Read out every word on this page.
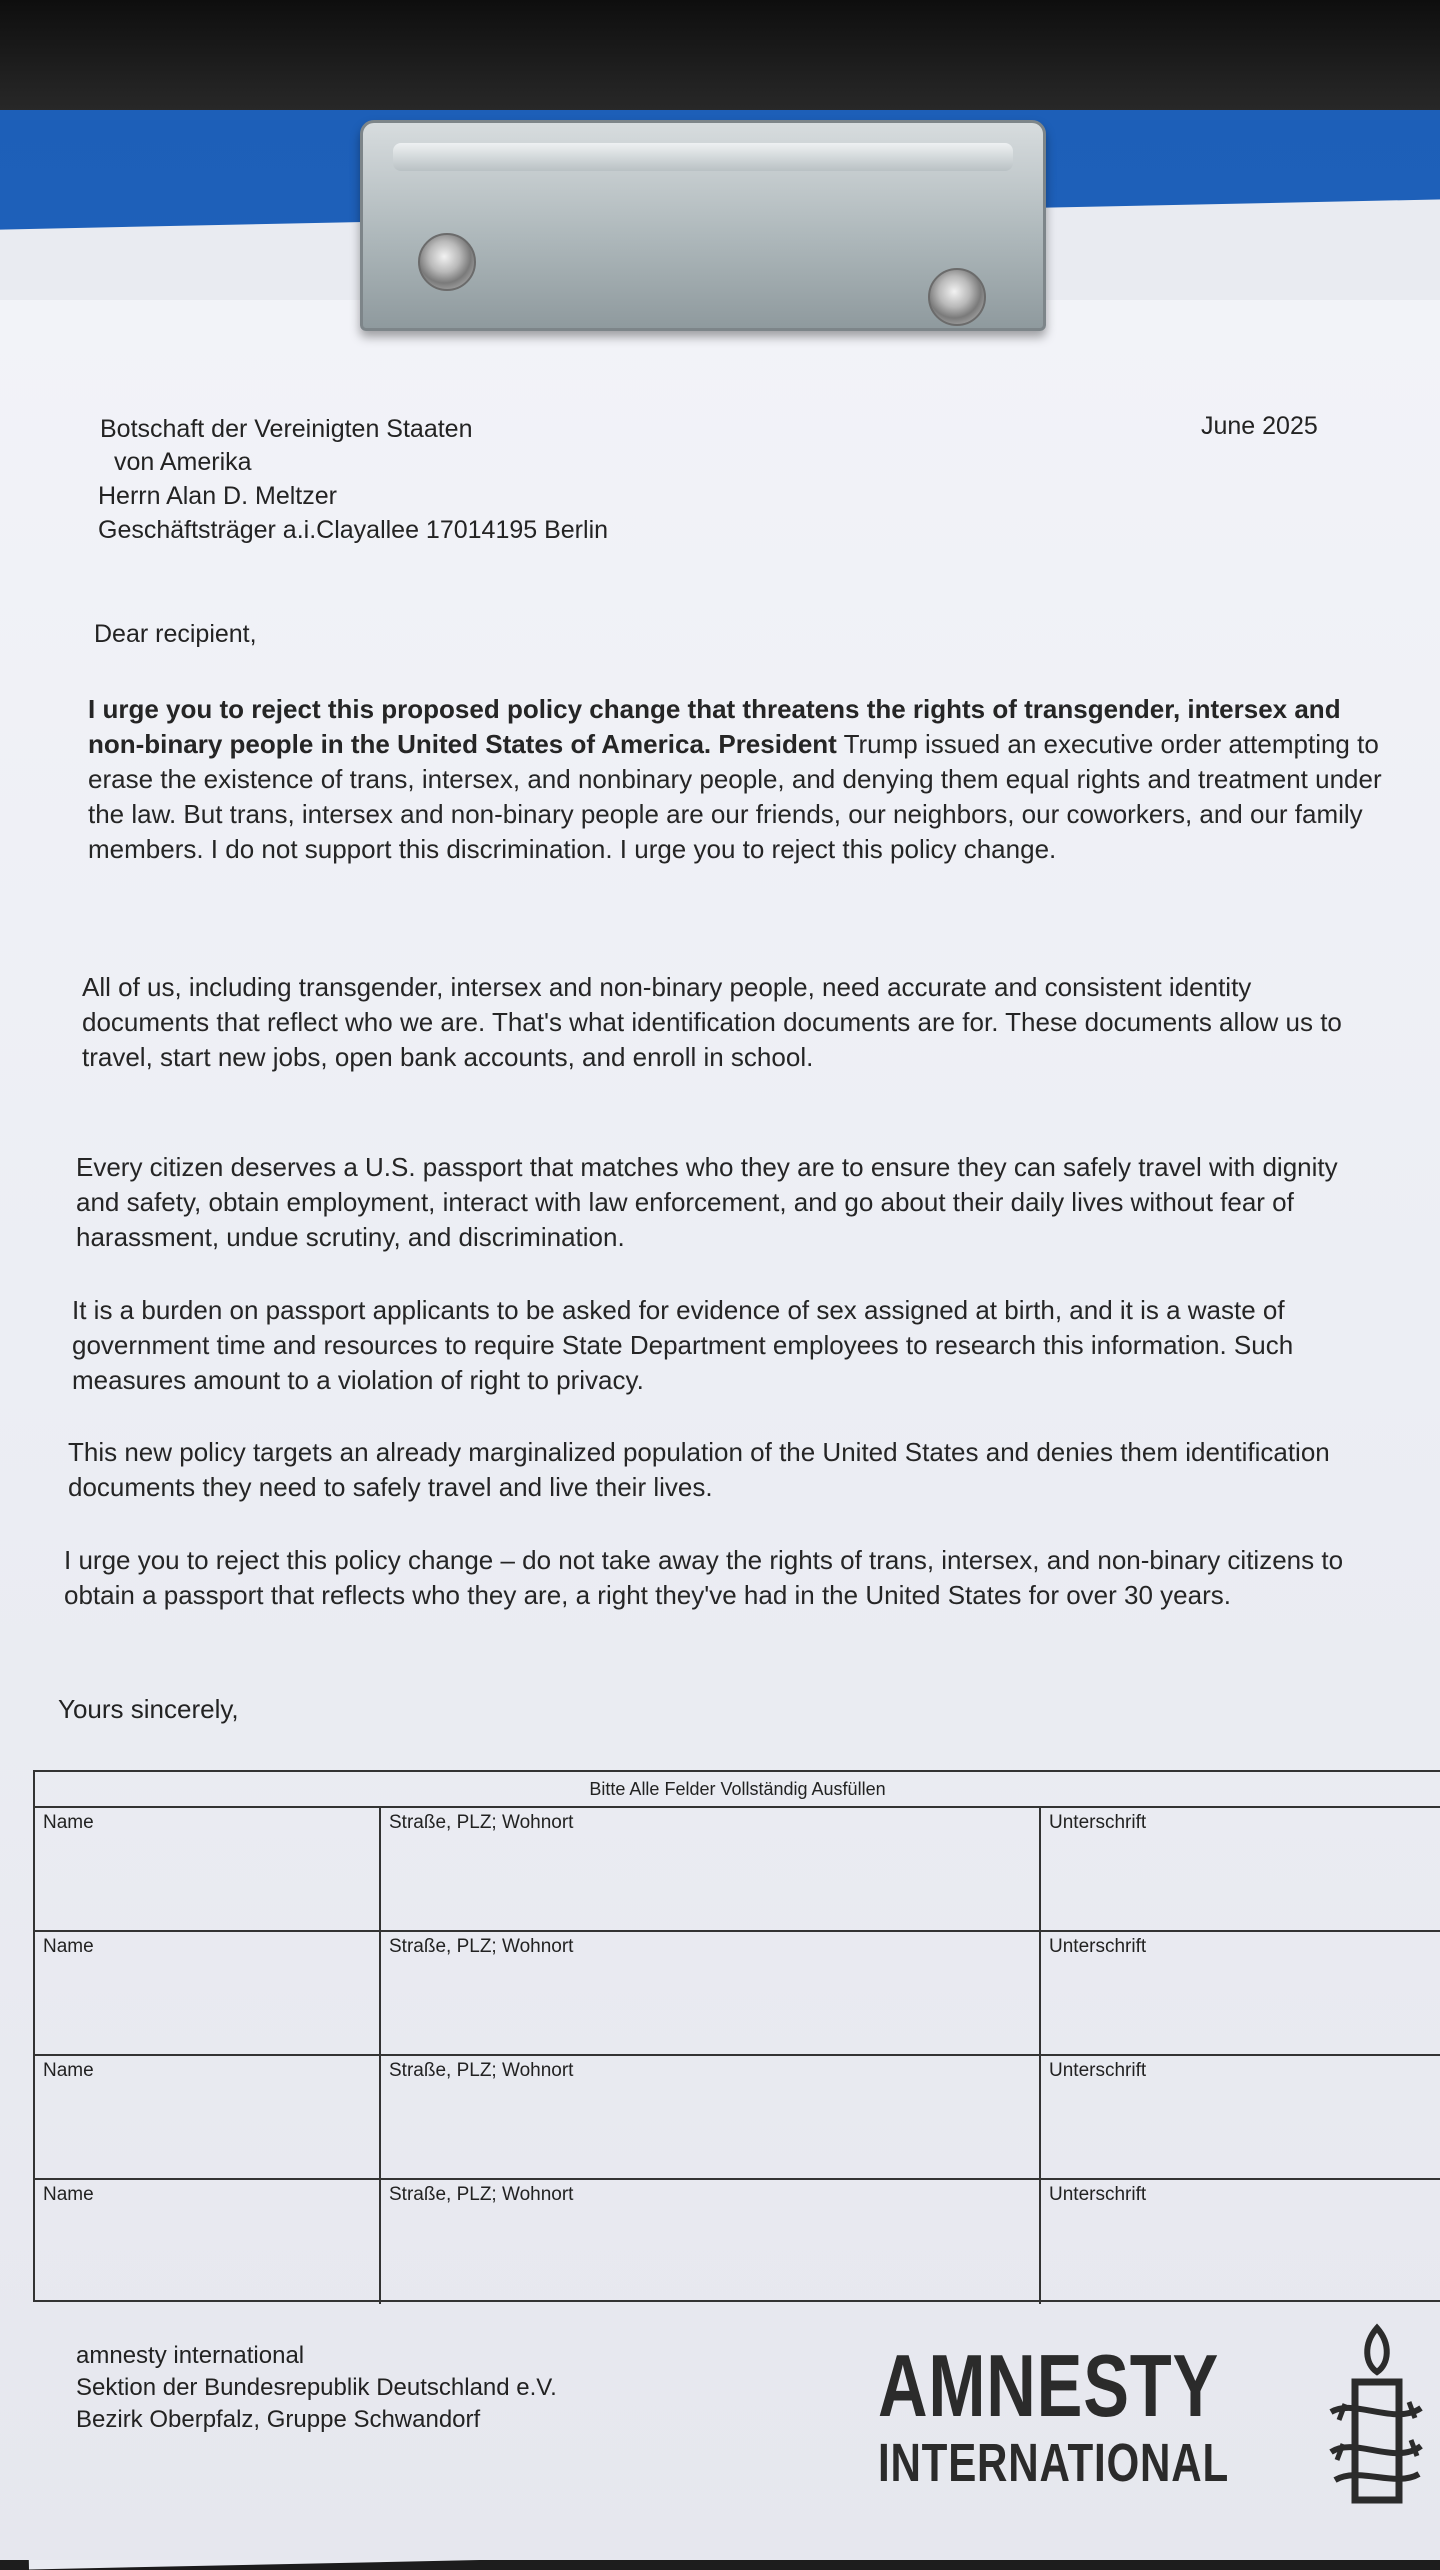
Botschaft der Vereinigten Staaten

von Amerika

Herrn Alan D. Meltzer

Geschäftsträger a.i.Clayallee 17014195 Berlin

June 2025

Dear recipient,

I urge you to reject this proposed policy change that threatens the rights of transgender, intersex and non-binary people in the United States of America. President Trump issued an executive order attempting to erase the existence of trans, intersex, and nonbinary people, and denying them equal rights and treatment under the law. But trans, intersex and non-binary people are our friends, our neighbors, our coworkers, and our family members. I do not support this discrimination. I urge you to reject this policy change.

All of us, including transgender, intersex and non-binary people, need accurate and consistent identity documents that reflect who we are. That's what identification documents are for. These documents allow us to travel, start new jobs, open bank accounts, and enroll in school.

Every citizen deserves a U.S. passport that matches who they are to ensure they can safely travel with dignity and safety, obtain employment, interact with law enforcement, and go about their daily lives without fear of harassment, undue scrutiny, and discrimination.

It is a burden on passport applicants to be asked for evidence of sex assigned at birth, and it is a waste of government time and resources to require State Department employees to research this information. Such measures amount to a violation of right to privacy.

This new policy targets an already marginalized population of the United States and denies them identification documents they need to safely travel and live their lives.

I urge you to reject this policy change – do not take away the rights of trans, intersex, and non-binary citizens to obtain a passport that reflects who they are, a right they've had in the United States for over 30 years.

Yours sincerely,

Bitte Alle Felder Vollständig Ausfüllen
Name	Straße, PLZ; Wohnort	Unterschrift
Name	Straße, PLZ; Wohnort	Unterschrift
Name	Straße, PLZ; Wohnort	Unterschrift
Name	Straße, PLZ; Wohnort	Unterschrift

amnesty international
Sektion der Bundesrepublik Deutschland e.V.
Bezirk Oberpfalz, Gruppe Schwandorf	AMNESTY
INTERNATIONAL
